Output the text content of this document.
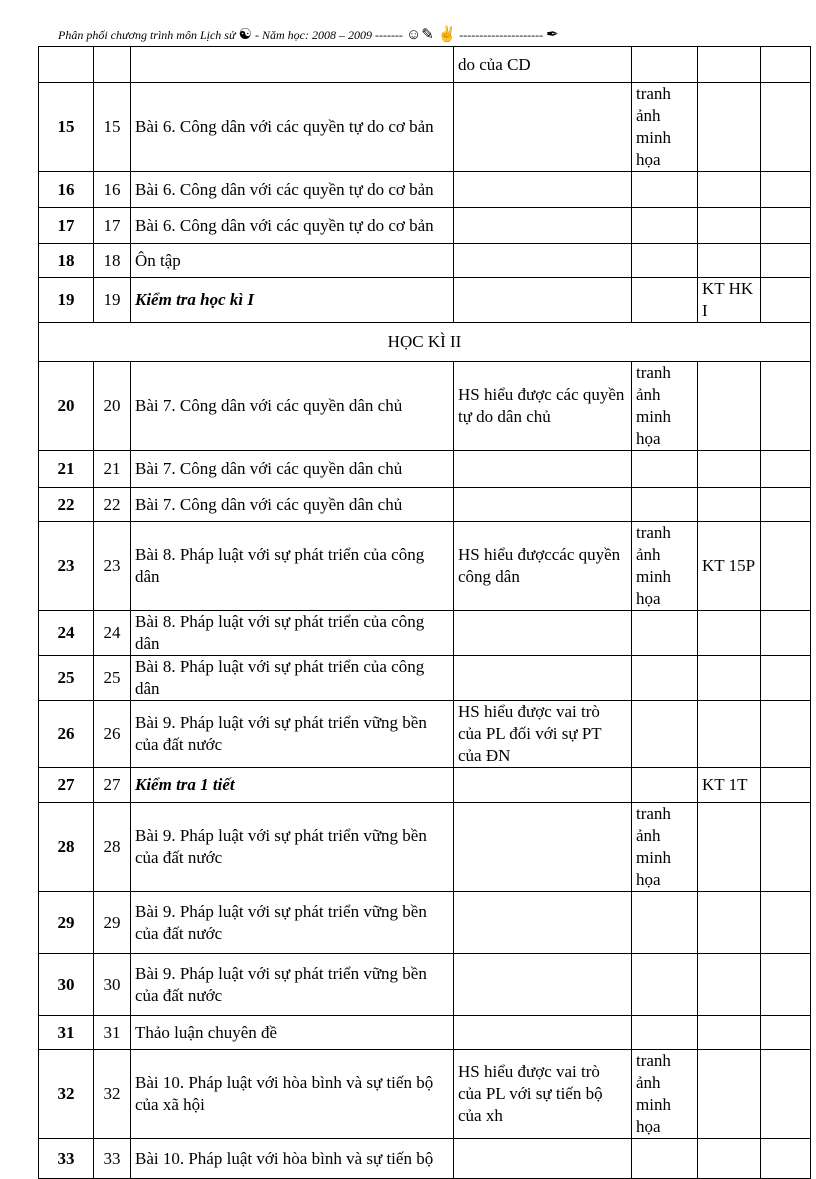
Phân phối chương trình môn Lịch sử ☯ - Năm học: 2008 – 2009 ------- ☺✎ ✌ --------------------- ✒
			do của CD			
15	15	Bài 6. Công dân với các quyền tự do cơ bản		tranh ảnh minh họa		
16	16	Bài 6. Công dân với các quyền tự do cơ bản				
17	17	Bài 6. Công dân với các quyền tự do cơ bản				
18	18	Ôn tập				
19	19	Kiểm tra học kì I			KT HK I	
HỌC KÌ II						
20	20	Bài 7. Công dân với các quyền dân chủ	HS hiểu được các quyền tự do dân chủ	tranh ảnh minh họa		
21	21	Bài 7. Công dân với các quyền dân chủ				
22	22	Bài 7. Công dân với các quyền dân chủ				
23	23	Bài 8. Pháp luật với sự phát triển của công dân	HS hiểu đượccác quyền công dân	tranh ảnh minh họa	KT 15P	
24	24	Bài 8. Pháp luật với sự phát triển của công dân				
25	25	Bài 8. Pháp luật với sự phát triển của công dân				
26	26	Bài 9. Pháp luật với sự phát triển vững bền của đất nước	HS hiểu được vai trò của PL đối với sự PT của ĐN			
27	27	Kiểm tra 1 tiết			KT 1T	
28	28	Bài 9. Pháp luật với sự phát triển vững bền của đất nước		tranh ảnh minh họa		
29	29	Bài 9. Pháp luật với sự phát triển vững bền của đất nước				
30	30	Bài 9. Pháp luật với sự phát triển vững bền của đất nước				
31	31	Thảo luận chuyên đề				
32	32	Bài 10. Pháp luật với hòa bình và sự tiến bộ của xã hội	HS hiểu được vai trò của PL với sự tiến bộ của xh	tranh ảnh minh họa		
33	33	Bài 10. Pháp luật với hòa bình và sự tiến bộ				
